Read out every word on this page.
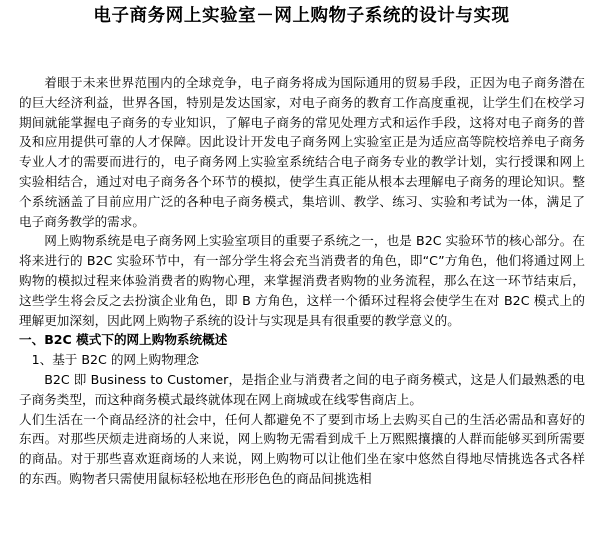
电子商务网上实验室－网上购物子系统的设计与实现

着眼于未来世界范围内的全球竞争，电子商务将成为国际通用的贸易手段，正因为电子商务潜在的巨大经济利益，世界各国，特别是发达国家，对电子商务的教育工作高度重视，让学生们在校学习期间就能掌握电子商务的专业知识，了解电子商务的常见处理方式和运作手段，这将对电子商务的普及和应用提供可靠的人才保障。因此设计开发电子商务网上实验室正是为适应高等院校培养电子商务专业人才的需要而进行的，电子商务网上实验室系统结合电子商务专业的教学计划，实行授课和网上实验相结合，通过对电子商务各个环节的模拟，使学生真正能从根本去理解电子商务的理论知识。整个系统涵盖了目前应用广泛的各种电子商务模式，集培训、教学、练习、实验和考试为一体，满足了电子商务教学的需求。

网上购物系统是电子商务网上实验室项目的重要子系统之一，也是 B2C 实验环节的核心部分。在将来进行的 B2C 实验环节中，有一部分学生将会充当消费者的角色，即“C”方角色，他们将通过网上购物的模拟过程来体验消费者的购物心理，来掌握消费者购物的业务流程，那么在这一环节结束后，这些学生将会反之去扮演企业角色，即 B 方角色，这样一个循环过程将会使学生在对 B2C 模式上的理解更加深刻，因此网上购物子系统的设计与实现是具有很重要的教学意义的。

一、B2C 模式下的网上购物系统概述

1、基于 B2C 的网上购物理念

B2C 即 Business to Customer，是指企业与消费者之间的电子商务模式，这是人们最熟悉的电子商务类型，而这种商务模式最终就体现在网上商城或在线零售商店上。

人们生活在一个商品经济的社会中，任何人都避免不了要到市场上去购买自己的生活必需品和喜好的东西。对那些厌烦走进商场的人来说，网上购物无需看到成千上万熙熙攘攘的人群而能够买到所需要的商品。对于那些喜欢逛商场的人来说，网上购物可以让他们坐在家中悠然自得地尽情挑选各式各样的东西。购物者只需使用鼠标轻松地在形形色色的商品间挑选相
